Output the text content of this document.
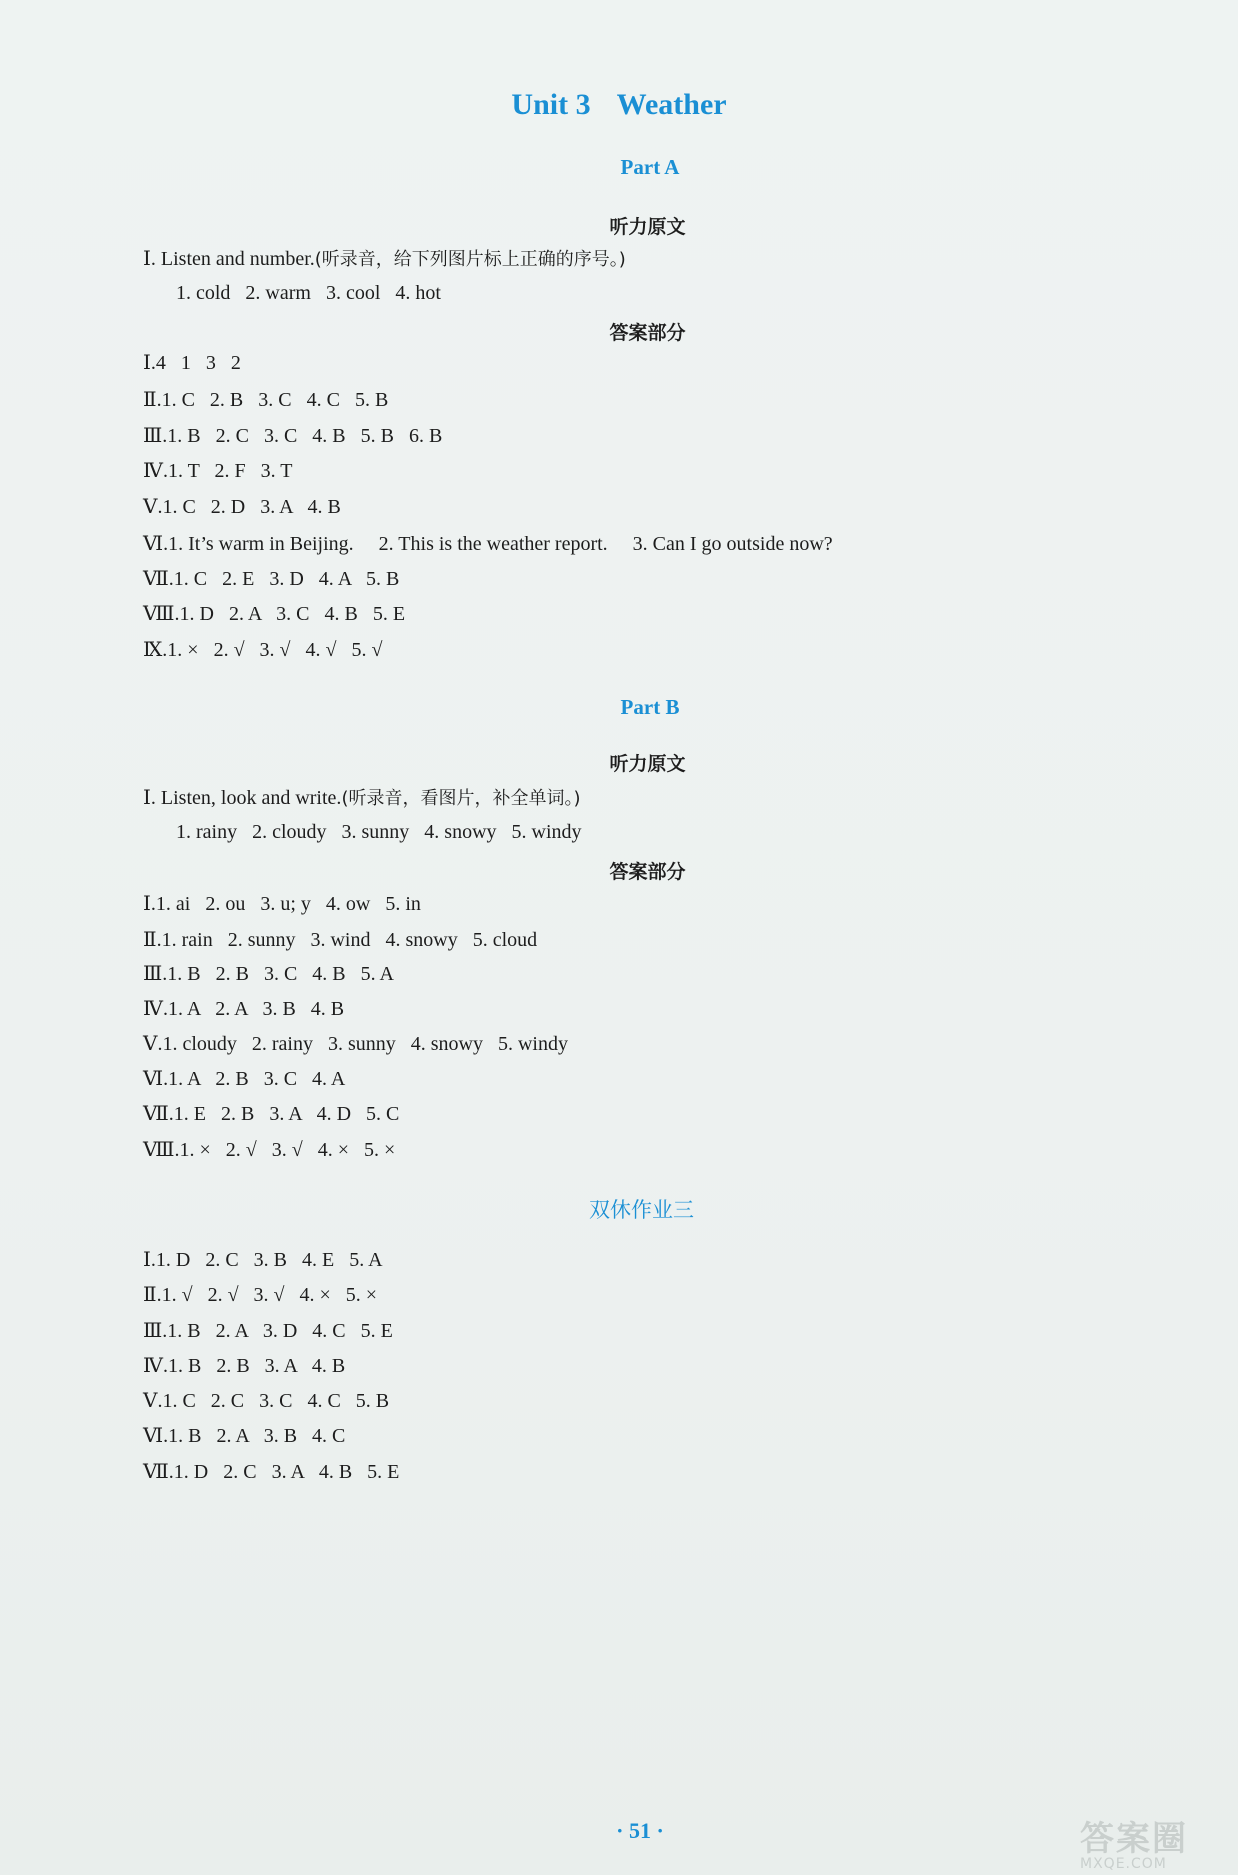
Unit 3 Weather
Part A
听力原文
Ⅰ. Listen and number.(听录音，给下列图片标上正确的序号。)
1. cold   2. warm   3. cool   4. hot
答案部分
Ⅰ.4   1   3   2
Ⅱ.1. C   2. B   3. C   4. C   5. B
Ⅲ.1. B   2. C   3. C   4. B   5. B   6. B
Ⅳ.1. T   2. F   3. T
Ⅴ.1. C   2. D   3. A   4. B
Ⅵ.1. It’s warm in Beijing.     2. This is the weather report.     3. Can I go outside now?
Ⅶ.1. C   2. E   3. D   4. A   5. B
Ⅷ.1. D   2. A   3. C   4. B   5. E
Ⅸ.1. ×   2. √   3. √   4. √   5. √
Part B
听力原文
Ⅰ. Listen, look and write.(听录音，看图片，补全单词。)
1. rainy   2. cloudy   3. sunny   4. snowy   5. windy
答案部分
Ⅰ.1. ai   2. ou   3. u; y   4. ow   5. in
Ⅱ.1. rain   2. sunny   3. wind   4. snowy   5. cloud
Ⅲ.1. B   2. B   3. C   4. B   5. A
Ⅳ.1. A   2. A   3. B   4. B
Ⅴ.1. cloudy   2. rainy   3. sunny   4. snowy   5. windy
Ⅵ.1. A   2. B   3. C   4. A
Ⅶ.1. E   2. B   3. A   4. D   5. C
Ⅷ.1. ×   2. √   3. √   4. ×   5. ×
双休作业三
Ⅰ.1. D   2. C   3. B   4. E   5. A
Ⅱ.1. √   2. √   3. √   4. ×   5. ×
Ⅲ.1. B   2. A   3. D   4. C   5. E
Ⅳ.1. B   2. B   3. A   4. B
Ⅴ.1. C   2. C   3. C   4. C   5. B
Ⅵ.1. B   2. A   3. B   4. C
Ⅶ.1. D   2. C   3. A   4. B   5. E
· 51 ·	答案圈
MXQE.COM
